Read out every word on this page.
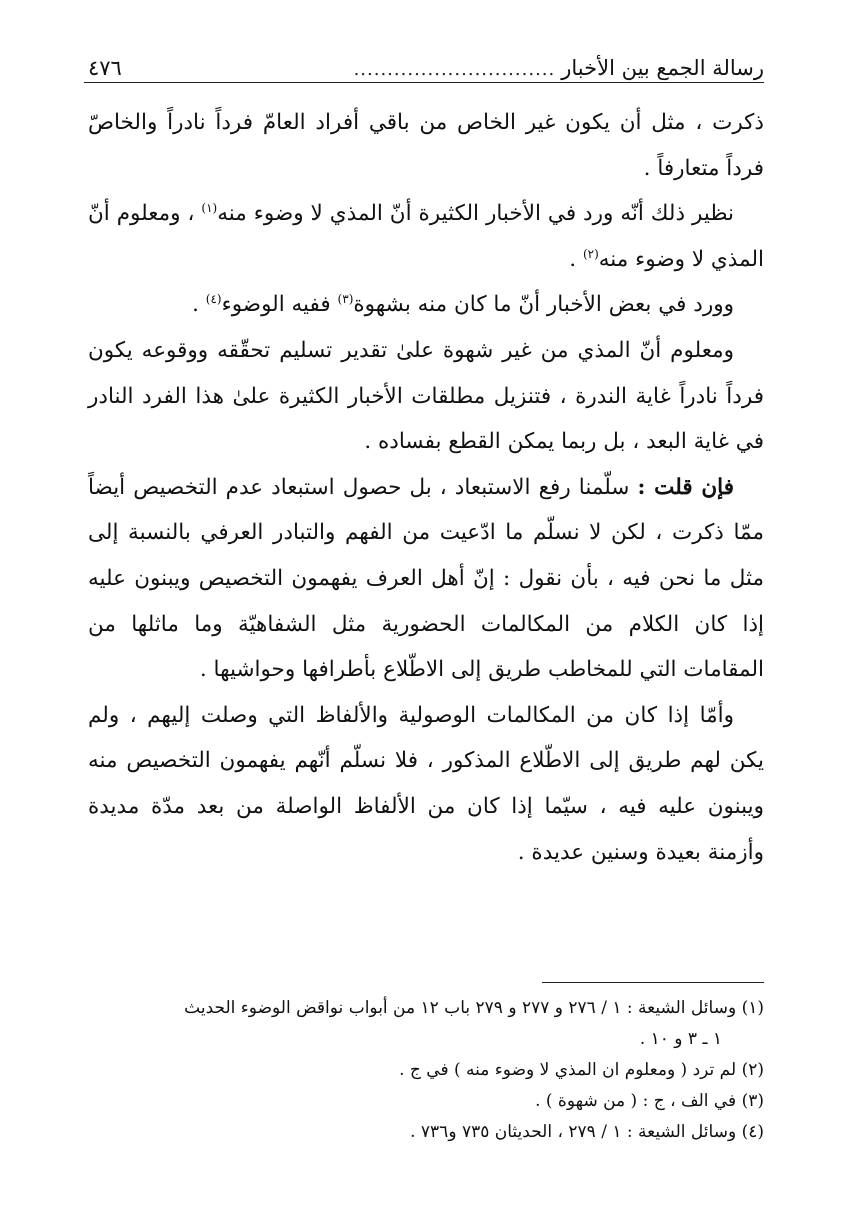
رسالة الجمع بين الأخبار
..............................
٤٧٦

ذكرت ، مثل أن يكون غير الخاص من باقي أفراد العامّ فرداً نادراً والخاصّ فرداً متعارفاً .

نظير ذلك أنّه ورد في الأخبار الكثيرة أنّ المذي لا وضوء منه$^{(١)}$ ، ومعلوم أنّ المذي لا وضوء منه$^{(٢)}$ .

وورد في بعض الأخبار أنّ ما كان منه بشهوة$^{(٣)}$ ففيه الوضوء$^{(٤)}$ .

ومعلوم أنّ المذي من غير شهوة علىٰ تقدير تسليم تحقّقه ووقوعه يكون فرداً نادراً غاية الندرة ، فتنزيل مطلقات الأخبار الكثيرة علىٰ هذا الفرد النادر في غاية البعد ، بل ربما يمكن القطع بفساده .

فإن قلت : سلّمنا رفع الاستبعاد ، بل حصول استبعاد عدم التخصيص أيضاً ممّا ذكرت ، لكن لا نسلّم ما ادّعيت من الفهم والتبادر العرفي بالنسبة إلى مثل ما نحن فيه ، بأن نقول : إنّ أهل العرف يفهمون التخصيص ويبنون عليه إذا كان الكلام من المكالمات الحضورية مثل الشفاهيّة وما ماثلها من المقامات التي للمخاطب طريق إلى الاطّلاع بأطرافها وحواشيها .

وأمّا إذا كان من المكالمات الوصولية والألفاظ التي وصلت إليهم ، ولم يكن لهم طريق إلى الاطّلاع المذكور ، فلا نسلّم أنّهم يفهمون التخصيص منه ويبنون عليه فيه ، سيّما إذا كان من الألفاظ الواصلة من بعد مدّة مديدة وأزمنة بعيدة وسنين عديدة .

(١) وسائل الشيعة : ١ / ٢٧٦ و ٢٧٧ و ٢٧٩ باب ١٢ من أبواب نواقض الوضوء الحديث

١ ـ ٣ و ١٠ .

(٢) لم ترد ( ومعلوم ان المذي لا وضوء منه ) في ج .

(٣) في الف ، ج : ( من شهوة ) .

(٤) وسائل الشيعة : ١ / ٢٧٩ ، الحديثان ٧٣٥ و٧٣٦ .
